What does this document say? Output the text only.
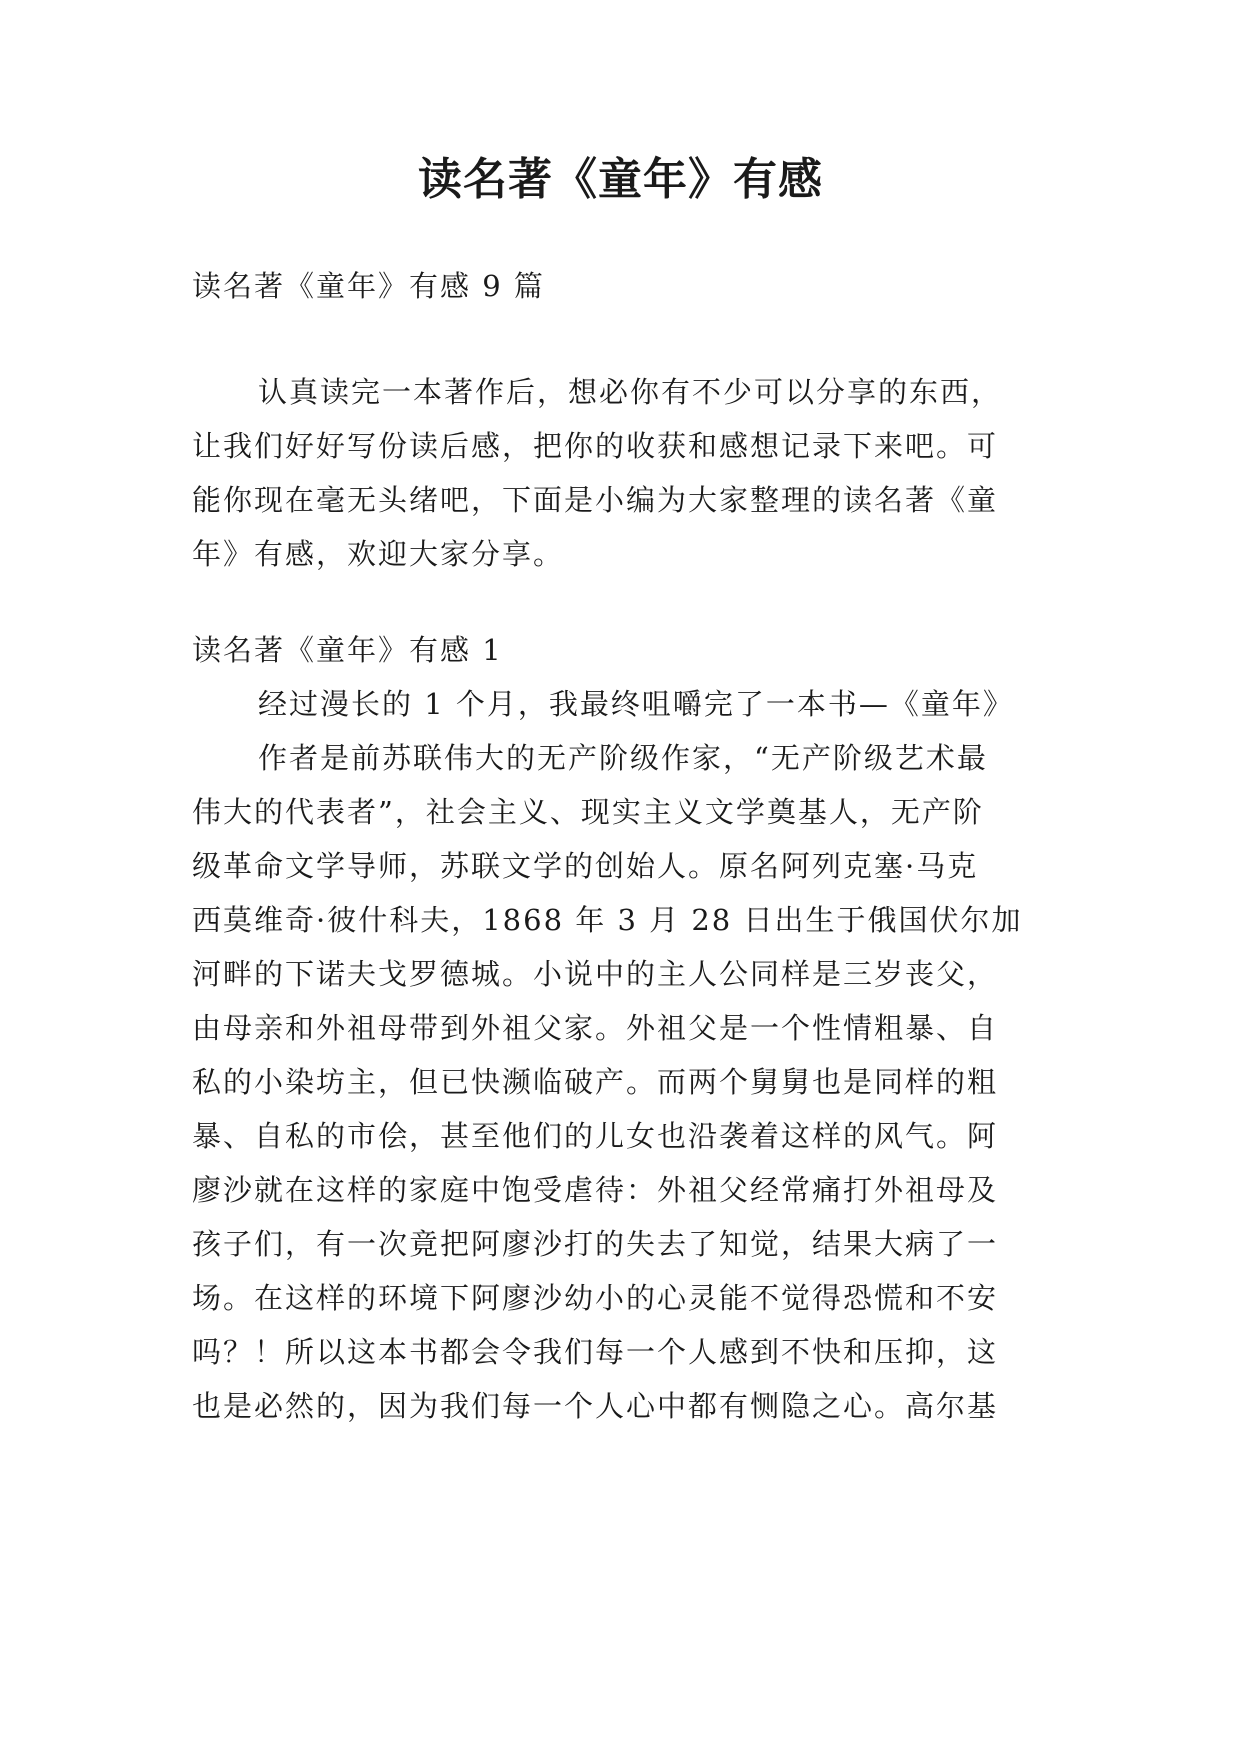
读名著《童年》有感

读名著《童年》有感 9 篇

认真读完一本著作后，想必你有不少可以分享的东西，

让我们好好写份读后感，把你的收获和感想记录下来吧。可

能你现在毫无头绪吧，下面是小编为大家整理的读名著《童

年》有感，欢迎大家分享。

读名著《童年》有感 1

经过漫长的 1 个月，我最终咀嚼完了一本书—《童年》

作者是前苏联伟大的无产阶级作家，“无产阶级艺术最

伟大的代表者”，社会主义、现实主义文学奠基人，无产阶

级革命文学导师，苏联文学的创始人。原名阿列克塞·马克

西莫维奇·彼什科夫，1868 年 3 月 28 日出生于俄国伏尔加

河畔的下诺夫戈罗德城。小说中的主人公同样是三岁丧父，

由母亲和外祖母带到外祖父家。外祖父是一个性情粗暴、自

私的小染坊主，但已快濒临破产。而两个舅舅也是同样的粗

暴、自私的市侩，甚至他们的儿女也沿袭着这样的风气。阿

廖沙就在这样的家庭中饱受虐待：外祖父经常痛打外祖母及

孩子们，有一次竟把阿廖沙打的失去了知觉，结果大病了一

场。在这样的环境下阿廖沙幼小的心灵能不觉得恐慌和不安

吗？！所以这本书都会令我们每一个人感到不快和压抑，这

也是必然的，因为我们每一个人心中都有恻隐之心。高尔基
